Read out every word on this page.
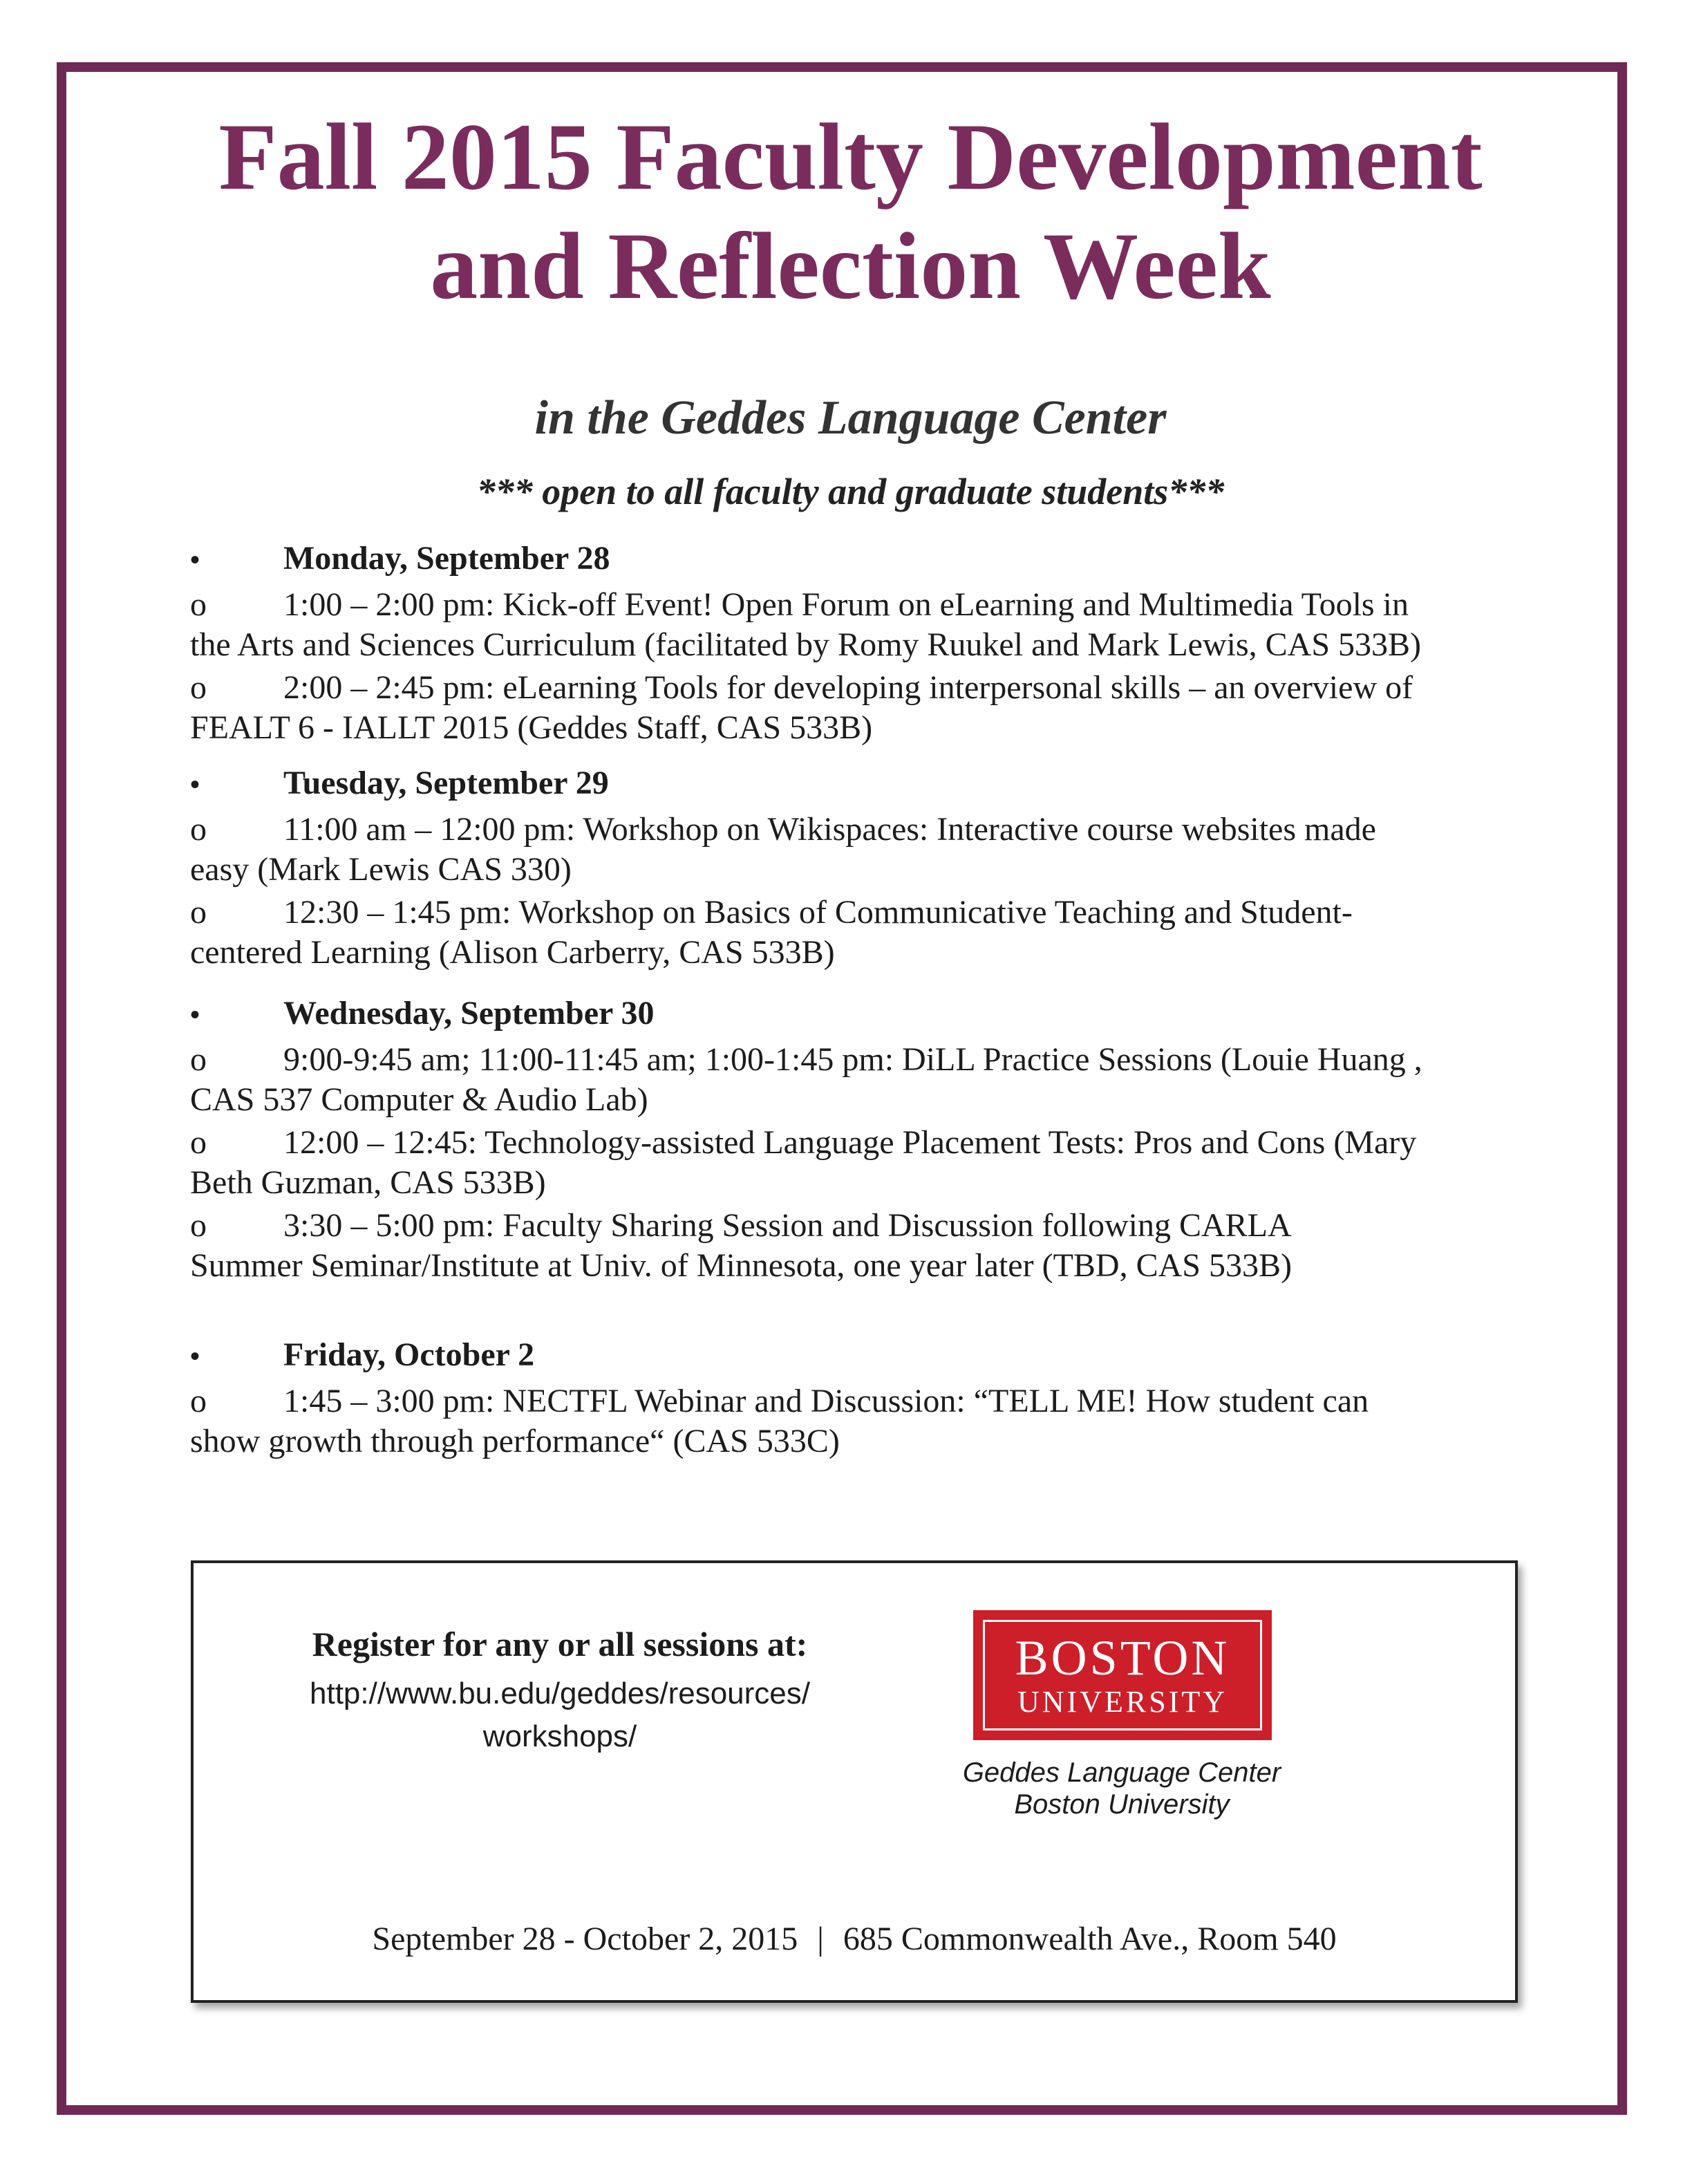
Fall 2015 Faculty Development
and Reflection Week
in the Geddes Language Center
*** open to all faculty and graduate students***
•	Monday, September 28
o 1:00 – 2:00 pm: Kick-off Event! Open Forum on eLearning and Multimedia Tools in
the Arts and Sciences Curriculum (facilitated by Romy Ruukel and Mark Lewis, CAS 533B)
o 2:00 – 2:45 pm: eLearning Tools for developing interpersonal skills – an overview of
FEALT 6 - IALLT 2015 (Geddes Staff, CAS 533B)
•	Tuesday, September 29
o 11:00 am – 12:00 pm: Workshop on Wikispaces: Interactive course websites made
easy (Mark Lewis CAS 330)
o 12:30 – 1:45 pm: Workshop on Basics of Communicative Teaching and Student-
centered Learning (Alison Carberry, CAS 533B)
•	Wednesday, September 30
o 9:00-9:45 am; 11:00-11:45 am; 1:00-1:45 pm: DiLL Practice Sessions (Louie Huang ,
CAS 537 Computer & Audio Lab)
o 12:00 – 12:45: Technology-assisted Language Placement Tests: Pros and Cons (Mary
Beth Guzman, CAS 533B)
o 3:30 – 5:00 pm: Faculty Sharing Session and Discussion following CARLA
Summer Seminar/Institute at Univ. of Minnesota, one year later (TBD, CAS 533B)
•	Friday, October 2
o 1:45 – 3:00 pm: NECTFL Webinar and Discussion: “TELL ME! How student can
show growth through performance“ (CAS 533C)
Register for any or all sessions at:
http://www.bu.edu/geddes/resources/
workshops/
BOSTON
UNIVERSITY
Geddes Language Center
Boston University
September 28 - October 2, 2015 | 685 Commonwealth Ave., Room 540
